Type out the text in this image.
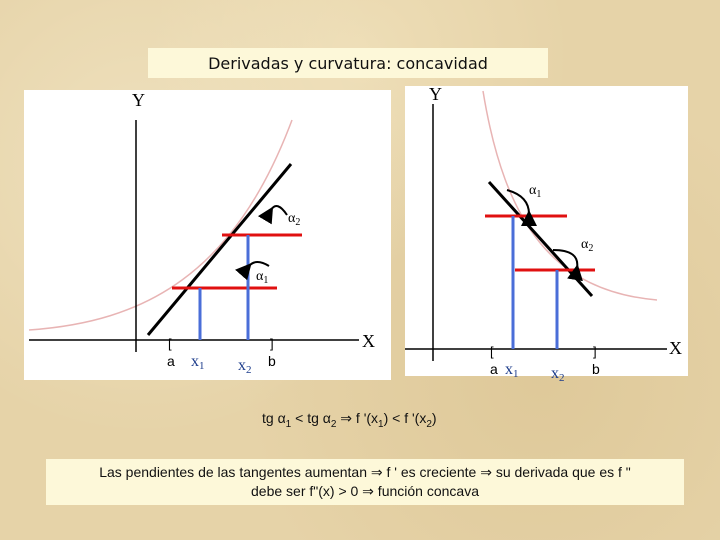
Derivadas y curvatura: concavidad
Y
X
$\alpha_1$
$\alpha_2$
[	]
a	b
x1 x2
Y
X
$\alpha_1$
$\alpha_2$
[	]
a	b
x1 x2
tg $\alpha_1$ < tg $\alpha_2$ ⇒ f '$(x_1) < f$ '$(x_2)$
Las pendientes de las tangentes aumentan ⇒ f ' es creciente ⇒ su derivada que es f "
debe ser f"(x) > 0 ⇒ función concava
